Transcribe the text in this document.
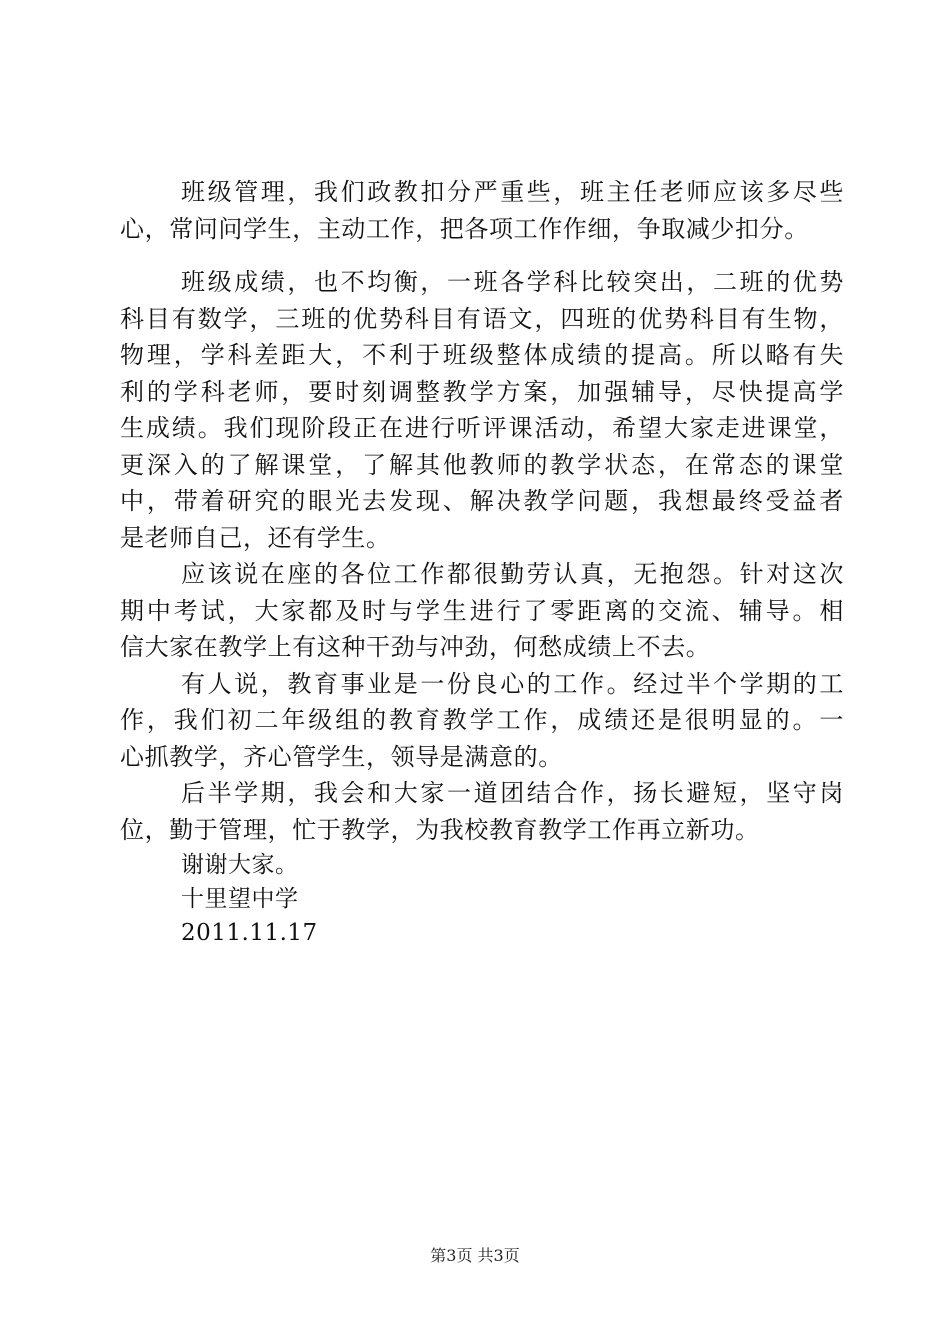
班级管理，我们政教扣分严重些，班主任老师应该多尽些
心，常问问学生，主动工作，把各项工作作细，争取减少扣分。
班级成绩，也不均衡，一班各学科比较突出，二班的优势
科目有数学，三班的优势科目有语文，四班的优势科目有生物，
物理，学科差距大，不利于班级整体成绩的提高。所以略有失
利的学科老师，要时刻调整教学方案，加强辅导，尽快提高学
生成绩。我们现阶段正在进行听评课活动，希望大家走进课堂，
更深入的了解课堂，了解其他教师的教学状态，在常态的课堂
中，带着研究的眼光去发现、解决教学问题，我想最终受益者
是老师自己，还有学生。
应该说在座的各位工作都很勤劳认真，无抱怨。针对这次
期中考试，大家都及时与学生进行了零距离的交流、辅导。相
信大家在教学上有这种干劲与冲劲，何愁成绩上不去。
有人说，教育事业是一份良心的工作。经过半个学期的工
作，我们初二年级组的教育教学工作，成绩还是很明显的。一
心抓教学，齐心管学生，领导是满意的。
后半学期，我会和大家一道团结合作，扬长避短，坚守岗
位，勤于管理，忙于教学，为我校教育教学工作再立新功。
谢谢大家。
十里望中学
2011.11.17
第3页 共3页
